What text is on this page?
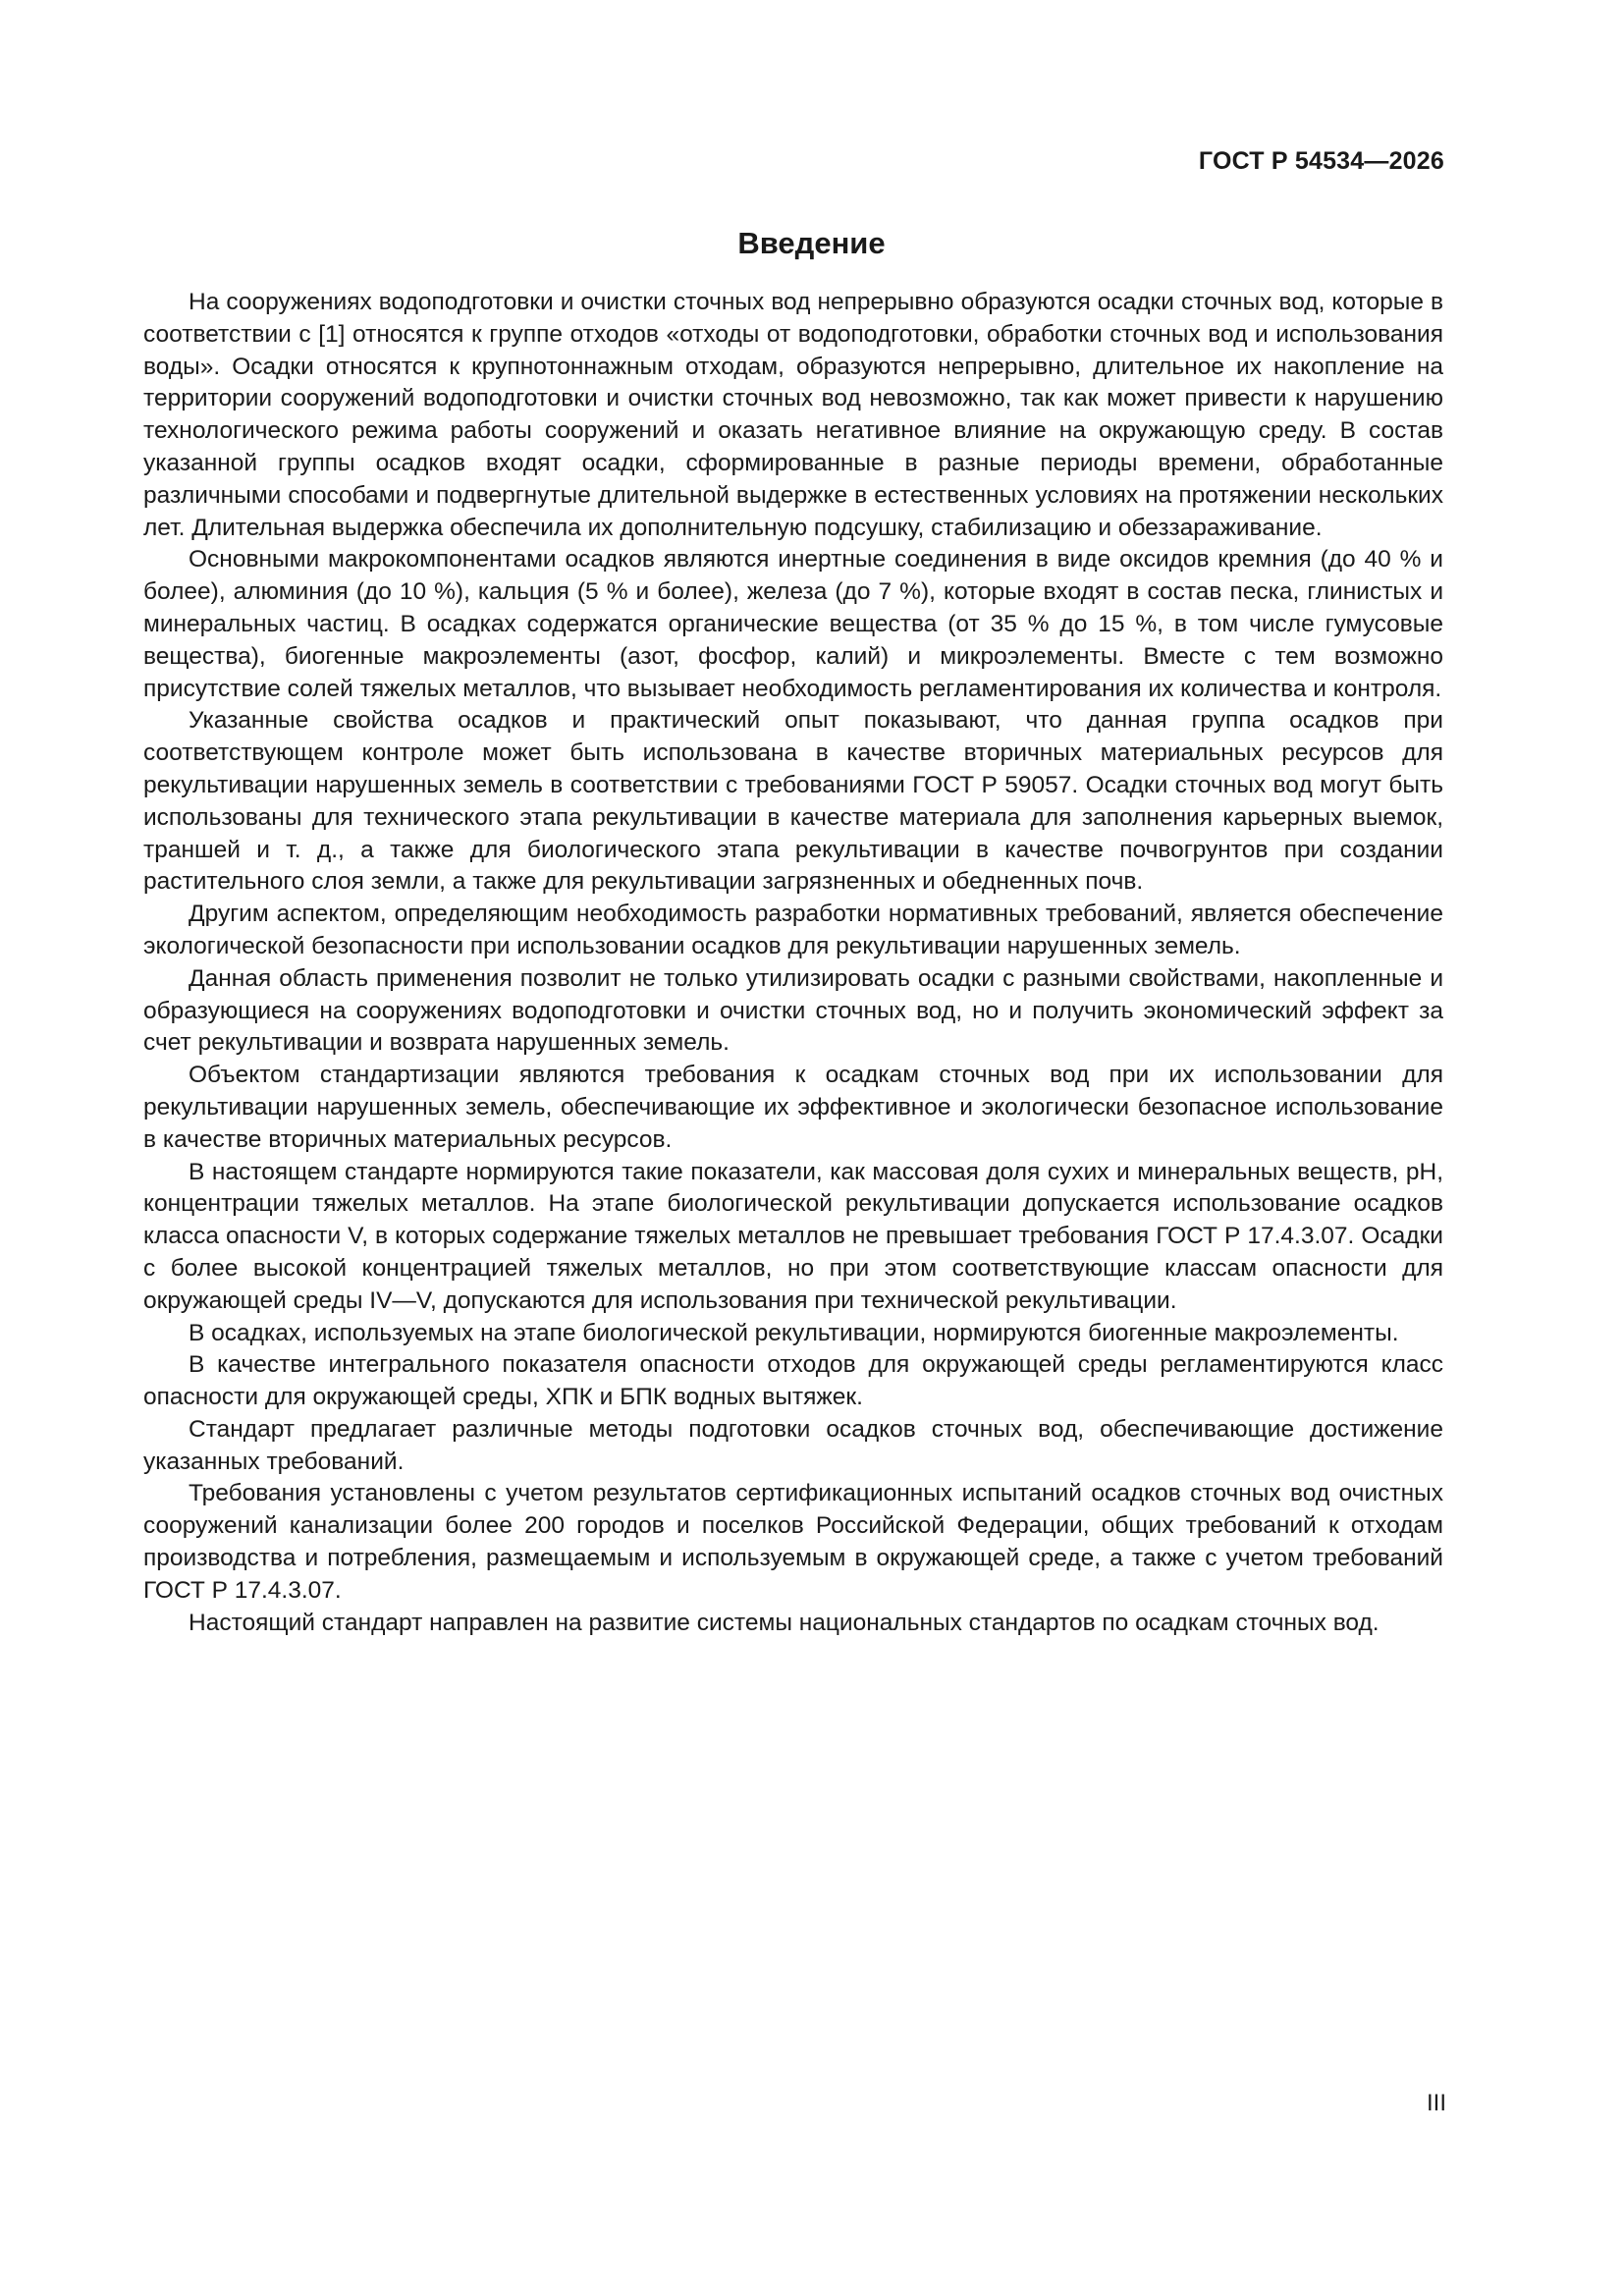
ГОСТ Р 54534—2026
Введение

На сооружениях водоподготовки и очистки сточных вод непрерывно образуются осадки сточных вод, которые в соответствии с [1] относятся к группе отходов «отходы от водоподготовки, обработки сточных вод и использования воды». Осадки относятся к крупнотоннажным отходам, образуются непрерывно, длительное их накопление на территории сооружений водоподготовки и очистки сточных вод невозможно, так как может привести к нарушению технологического режима работы сооружений и оказать негативное влияние на окружающую среду. В состав указанной группы осадков входят осадки, сформированные в разные периоды времени, обработанные различными способами и подвергнутые длительной выдержке в естественных условиях на протяжении нескольких лет. Длительная выдержка обеспечила их дополнительную подсушку, стабилизацию и обеззараживание.

Основными макрокомпонентами осадков являются инертные соединения в виде оксидов кремния (до 40 % и более), алюминия (до 10 %), кальция (5 % и более), железа (до 7 %), которые входят в состав песка, глинистых и минеральных частиц. В осадках содержатся органические вещества (от 35 % до 15 %, в том числе гумусовые вещества), биогенные макроэлементы (азот, фосфор, калий) и микроэлементы. Вместе с тем возможно присутствие солей тяжелых металлов, что вызывает необходимость регламентирования их количества и контроля.

Указанные свойства осадков и практический опыт показывают, что данная группа осадков при соответствующем контроле может быть использована в качестве вторичных материальных ресурсов для рекультивации нарушенных земель в соответствии с требованиями ГОСТ Р 59057. Осадки сточных вод могут быть использованы для технического этапа рекультивации в качестве материала для заполнения карьерных выемок, траншей и т. д., а также для биологического этапа рекультивации в качестве почвогрунтов при создании растительного слоя земли, а также для рекультивации загрязненных и обедненных почв.

Другим аспектом, определяющим необходимость разработки нормативных требований, является обеспечение экологической безопасности при использовании осадков для рекультивации нарушенных земель.

Данная область применения позволит не только утилизировать осадки с разными свойствами, накопленные и образующиеся на сооружениях водоподготовки и очистки сточных вод, но и получить экономический эффект за счет рекультивации и возврата нарушенных земель.

Объектом стандартизации являются требования к осадкам сточных вод при их использовании для рекультивации нарушенных земель, обеспечивающие их эффективное и экологически безопасное использование в качестве вторичных материальных ресурсов.

В настоящем стандарте нормируются такие показатели, как массовая доля сухих и минеральных веществ, pH, концентрации тяжелых металлов. На этапе биологической рекультивации допускается использование осадков класса опасности V, в которых содержание тяжелых металлов не превышает требования ГОСТ Р 17.4.3.07. Осадки с более высокой концентрацией тяжелых металлов, но при этом соответствующие классам опасности для окружающей среды IV—V, допускаются для использования при технической рекультивации.

В осадках, используемых на этапе биологической рекультивации, нормируются биогенные макроэлементы.

В качестве интегрального показателя опасности отходов для окружающей среды регламентируются класс опасности для окружающей среды, ХПК и БПК водных вытяжек.

Стандарт предлагает различные методы подготовки осадков сточных вод, обеспечивающие достижение указанных требований.

Требования установлены с учетом результатов сертификационных испытаний осадков сточных вод очистных сооружений канализации более 200 городов и поселков Российской Федерации, общих требований к отходам производства и потребления, размещаемым и используемым в окружающей среде, а также с учетом требований ГОСТ Р 17.4.3.07.

Настоящий стандарт направлен на развитие системы национальных стандартов по осадкам сточных вод.

III
